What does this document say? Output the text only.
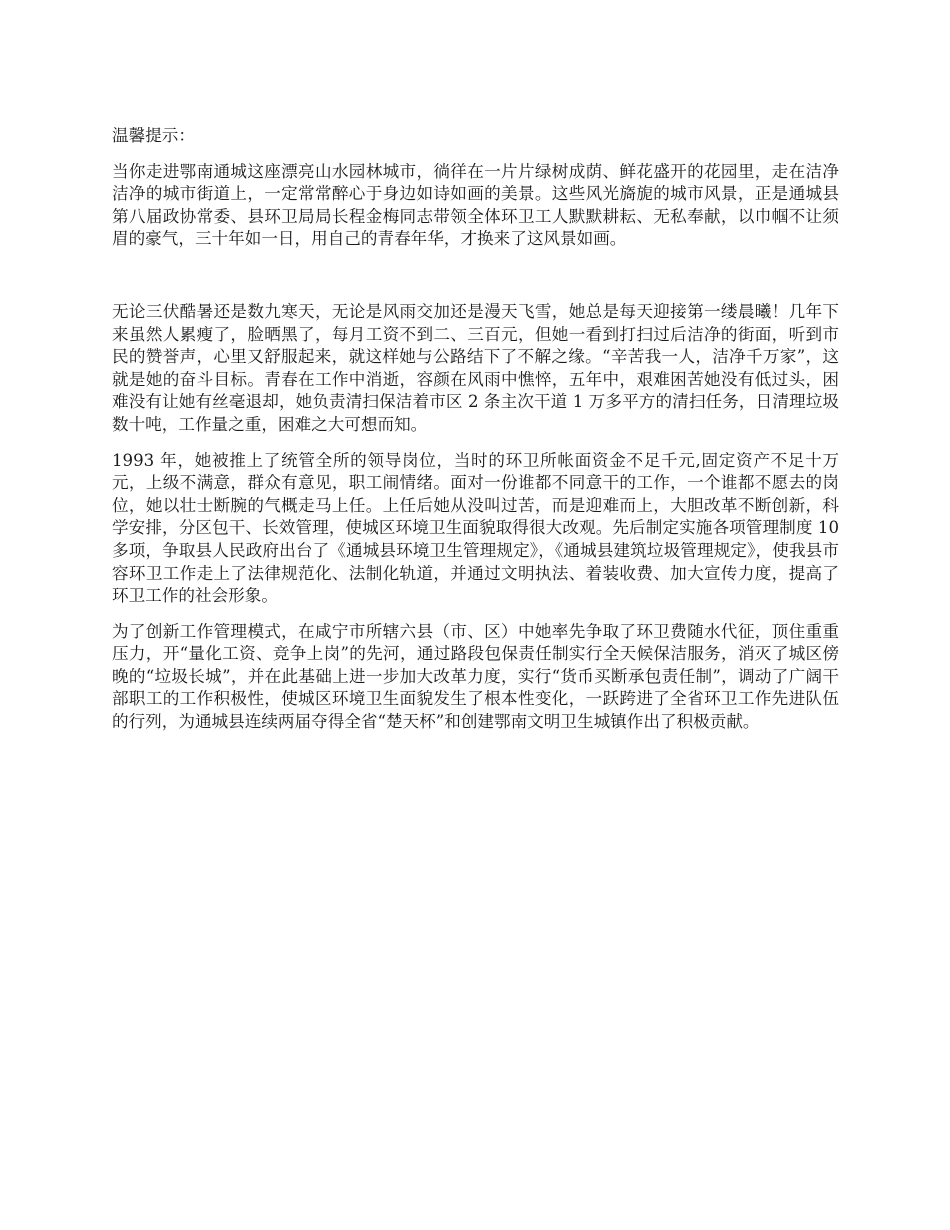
温馨提示：

当你走进鄂南通城这座漂亮山水园林城市，徜徉在一片片绿树成荫、鲜花盛开的花园里，走在洁净洁净的城市街道上，一定常常醉心于身边如诗如画的美景。这些风光旖旎的城市风景，正是通城县第八届政协常委、县环卫局局长程金梅同志带领全体环卫工人默默耕耘、无私奉献，以巾帼不让须眉的豪气，三十年如一日，用自己的青春年华，才换来了这风景如画。

无论三伏酷暑还是数九寒天，无论是风雨交加还是漫天飞雪，她总是每天迎接第一缕晨曦！几年下来虽然人累瘦了，脸晒黑了，每月工资不到二、三百元，但她一看到打扫过后洁净的街面，听到市民的赞誉声，心里又舒服起来，就这样她与公路结下了不解之缘。“辛苦我一人，洁净千万家”，这就是她的奋斗目标。青春在工作中消逝，容颜在风雨中憔悴，五年中，艰难困苦她没有低过头，困难没有让她有丝毫退却，她负责清扫保洁着市区 2 条主次干道 1 万多平方的清扫任务，日清理垃圾数十吨，工作量之重，困难之大可想而知。

1993 年，她被推上了统管全所的领导岗位，当时的环卫所帐面资金不足千元,固定资产不足十万元，上级不满意，群众有意见，职工闹情绪。面对一份谁都不同意干的工作，一个谁都不愿去的岗位，她以壮士断腕的气概走马上任。上任后她从没叫过苦，而是迎难而上，大胆改革不断创新，科学安排，分区包干、长效管理，使城区环境卫生面貌取得很大改观。先后制定实施各项管理制度 10 多项，争取县人民政府出台了《通城县环境卫生管理规定》，《通城县建筑垃圾管理规定》，使我县市容环卫工作走上了法律规范化、法制化轨道，并通过文明执法、着装收费、加大宣传力度，提高了环卫工作的社会形象。

为了创新工作管理模式，在咸宁市所辖六县（市、区）中她率先争取了环卫费随水代征，顶住重重压力，开“量化工资、竞争上岗”的先河，通过路段包保责任制实行全天候保洁服务，消灭了城区傍晚的“垃圾长城”，并在此基础上进一步加大改革力度，实行“货币买断承包责任制”，调动了广阔干部职工的工作积极性，使城区环境卫生面貌发生了根本性变化，一跃跨进了全省环卫工作先进队伍的行列，为通城县连续两届夺得全省“楚天杯”和创建鄂南文明卫生城镇作出了积极贡献。
